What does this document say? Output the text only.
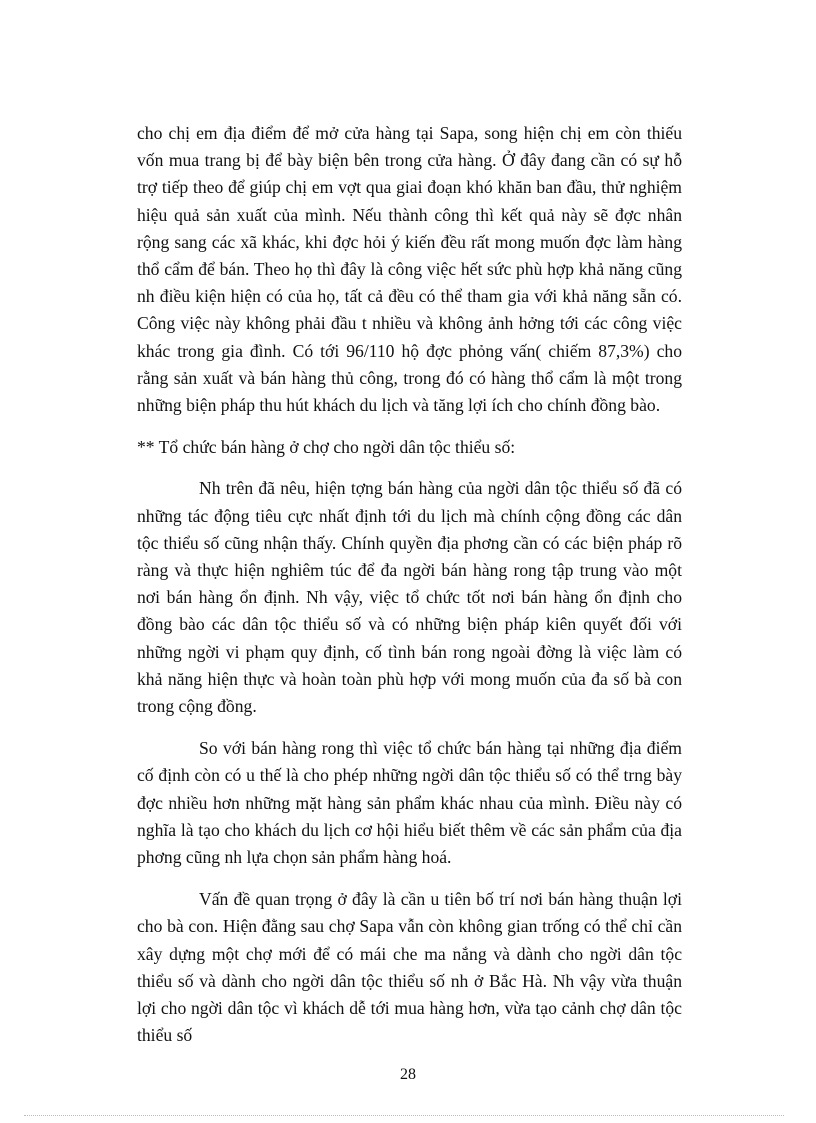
cho chị em địa điểm để mở cửa hàng tại Sapa, song hiện chị em còn thiếu vốn mua trang bị để bày biện bên trong cửa hàng. Ở đây đang cần có sự hỗ trợ tiếp theo để giúp chị em vợt qua giai đoạn khó khăn ban đầu, thử nghiệm hiệu quả sản xuất của mình. Nếu thành công thì kết quả này sẽ đợc nhân rộng sang các xã khác, khi đợc hỏi ý kiến đều rất mong muốn đợc làm hàng thổ cẩm để bán. Theo họ thì đây là công việc hết sức phù hợp khả năng cũng nh điều kiện hiện có của họ, tất cả đều có thể tham gia với khả năng sẵn có. Công việc này không phải đầu t nhiều và không ảnh hởng tới các công việc khác trong gia đình. Có tới 96/110 hộ đợc phỏng vấn( chiếm 87,3%) cho rằng sản xuất và bán hàng thủ công, trong đó có hàng thổ cẩm là một trong những biện pháp thu hút khách du lịch và tăng lợi ích cho chính đồng bào.

** Tổ chức bán hàng ở chợ cho ngời dân tộc thiểu số:

Nh trên đã nêu, hiện tợng bán hàng của ngời dân tộc thiểu số đã có những tác động tiêu cực nhất định tới du lịch mà chính cộng đồng các dân tộc thiểu số cũng nhận thấy. Chính quyền địa phơng cần có các biện pháp rõ ràng và thực hiện nghiêm túc để đa ngời bán hàng rong tập trung vào một nơi bán hàng ổn định. Nh vậy, việc tổ chức tốt nơi bán hàng ổn định cho đồng bào các dân tộc thiểu số và có những biện pháp kiên quyết đối với những ngời vi phạm quy định, cố tình bán rong ngoài đờng là việc làm có khả năng hiện thực và hoàn toàn phù hợp với mong muốn của đa số bà con trong cộng đồng.

So với bán hàng rong thì việc tổ chức bán hàng tại những địa điểm cố định còn có u thế là cho phép những ngời dân tộc thiểu số có thể trng bày đợc nhiều hơn những mặt hàng sản phẩm khác nhau của mình. Điều này có nghĩa là tạo cho khách du lịch cơ hội hiểu biết thêm về các sản phẩm của địa phơng cũng nh lựa chọn sản phẩm hàng hoá.

Vấn đề quan trọng ở đây là cần u tiên bố trí nơi bán hàng thuận lợi cho bà con. Hiện đằng sau chợ Sapa vẫn còn không gian trống có thể chỉ cần xây dựng một chợ mới để có mái che ma nắng và dành cho ngời dân tộc thiểu số và dành cho ngời dân tộc thiểu số nh ở Bắc Hà. Nh vậy vừa thuận lợi cho ngời dân tộc vì khách dễ tới mua hàng hơn, vừa tạo cảnh chợ dân tộc thiểu số

28
